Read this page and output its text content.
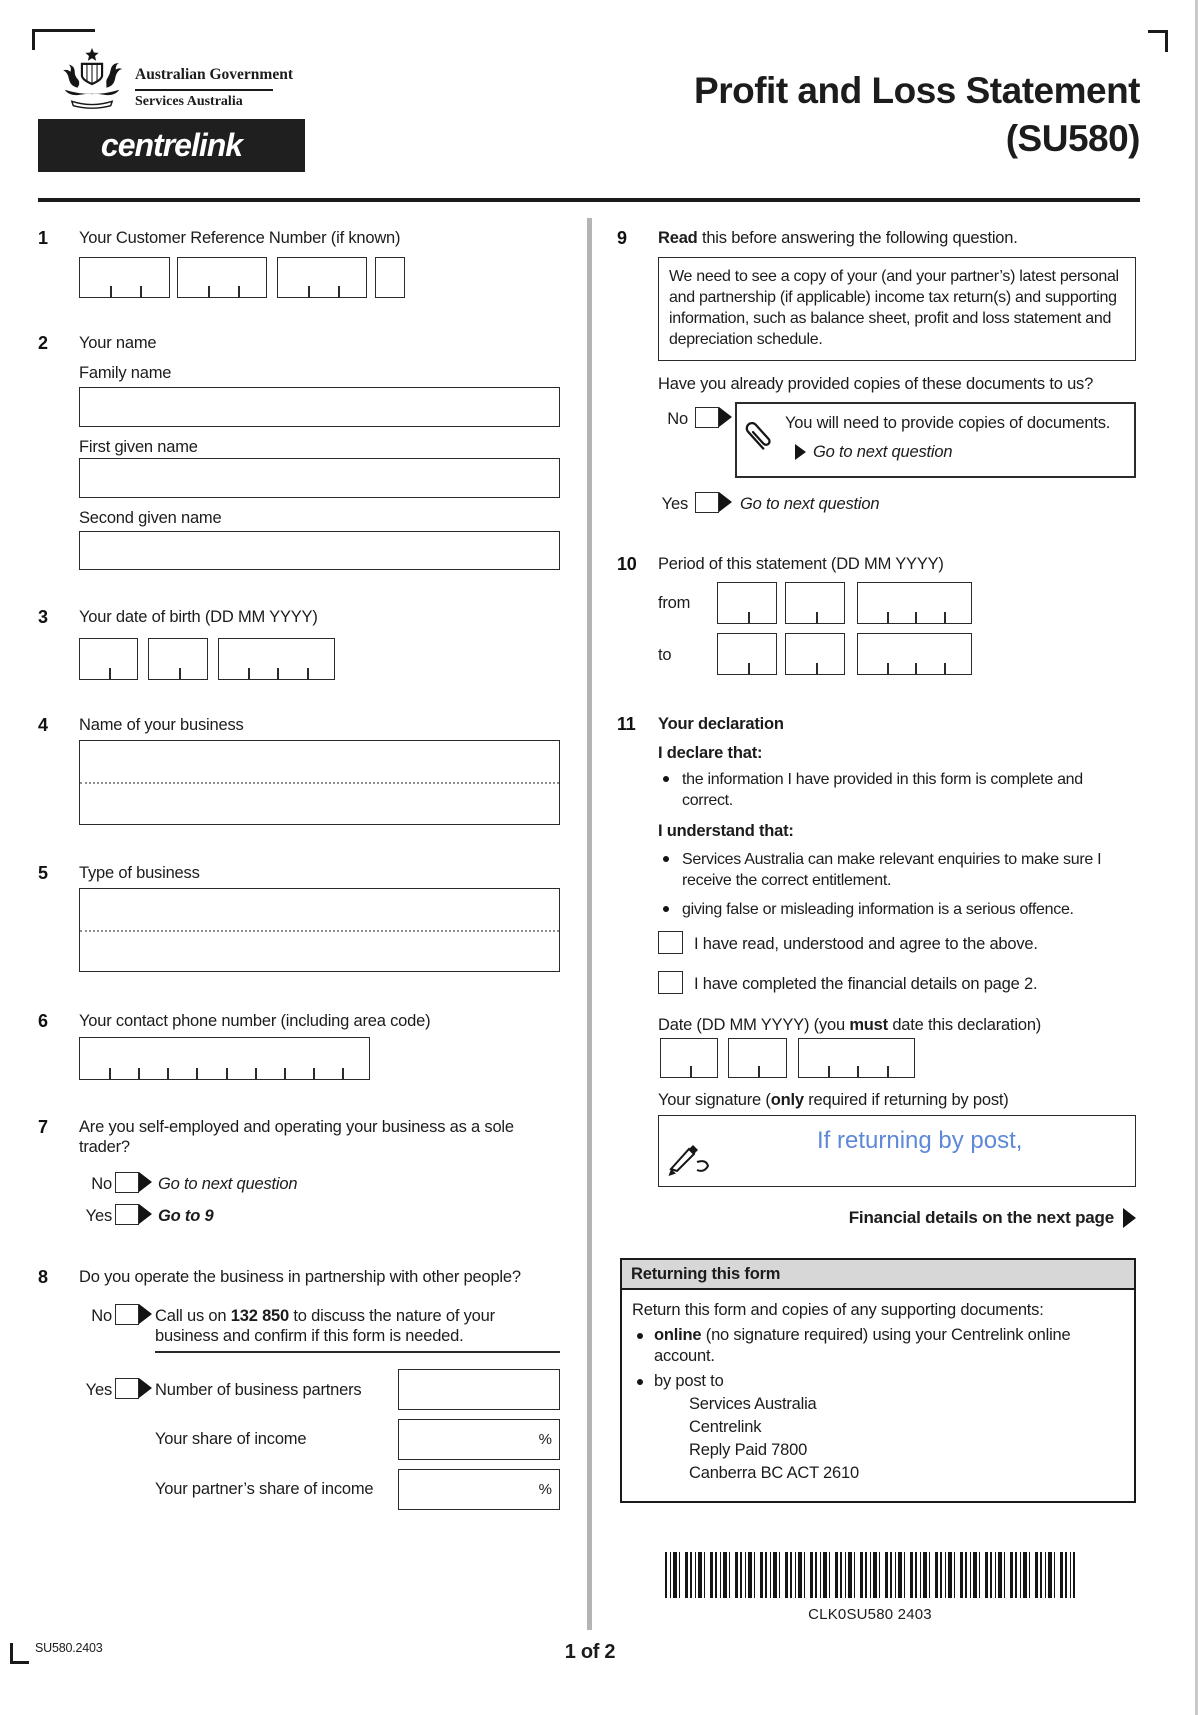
Australian Government
Services Australia
centrelink
Profit and Loss Statement
(SU580)
1 Your Customer Reference Number (if known)
2 Your name
Family name
First given name
Second given name
3 Your date of birth (DD MM YYYY)
4 Name of your business
5 Type of business
6 Your contact phone number (including area code)
7 Are you self-employed and operating your business as a sole trader?
No	Go to next question
Yes	Go to 9
8 Do you operate the business in partnership with other people?
No	Call us on 132 850 to discuss the nature of your business and confirm if this form is needed.
Yes	Number of business partners
Your share of income	%
Your partner’s share of income	%
9 Read this before answering the following question.
We need to see a copy of your (and your partner’s) latest personal and partnership (if applicable) income tax return(s) and supporting information, such as balance sheet, profit and loss statement and depreciation schedule.
Have you already provided copies of these documents to us?
No	You will need to provide copies of documents.
Go to next question
Yes	Go to next question
10 Period of this statement (DD MM YYYY)
from
to
11 Your declaration
I declare that:
the information I have provided in this form is complete and correct.
I understand that:
Services Australia can make relevant enquiries to make sure I receive the correct entitlement.
giving false or misleading information is a serious offence.
I have read, understood and agree to the above.
I have completed the financial details on page 2.
Date (DD MM YYYY) (you must date this declaration)
Your signature (only required if returning by post)
If returning by post,
Financial details on the next page
Returning this form
Return this form and copies of any supporting documents:
online (no signature required) using your Centrelink online account.
by post to
Services Australia
Centrelink
Reply Paid 7800
Canberra BC ACT 2610
CLK0SU580 2403
SU580.2403	1 of 2
